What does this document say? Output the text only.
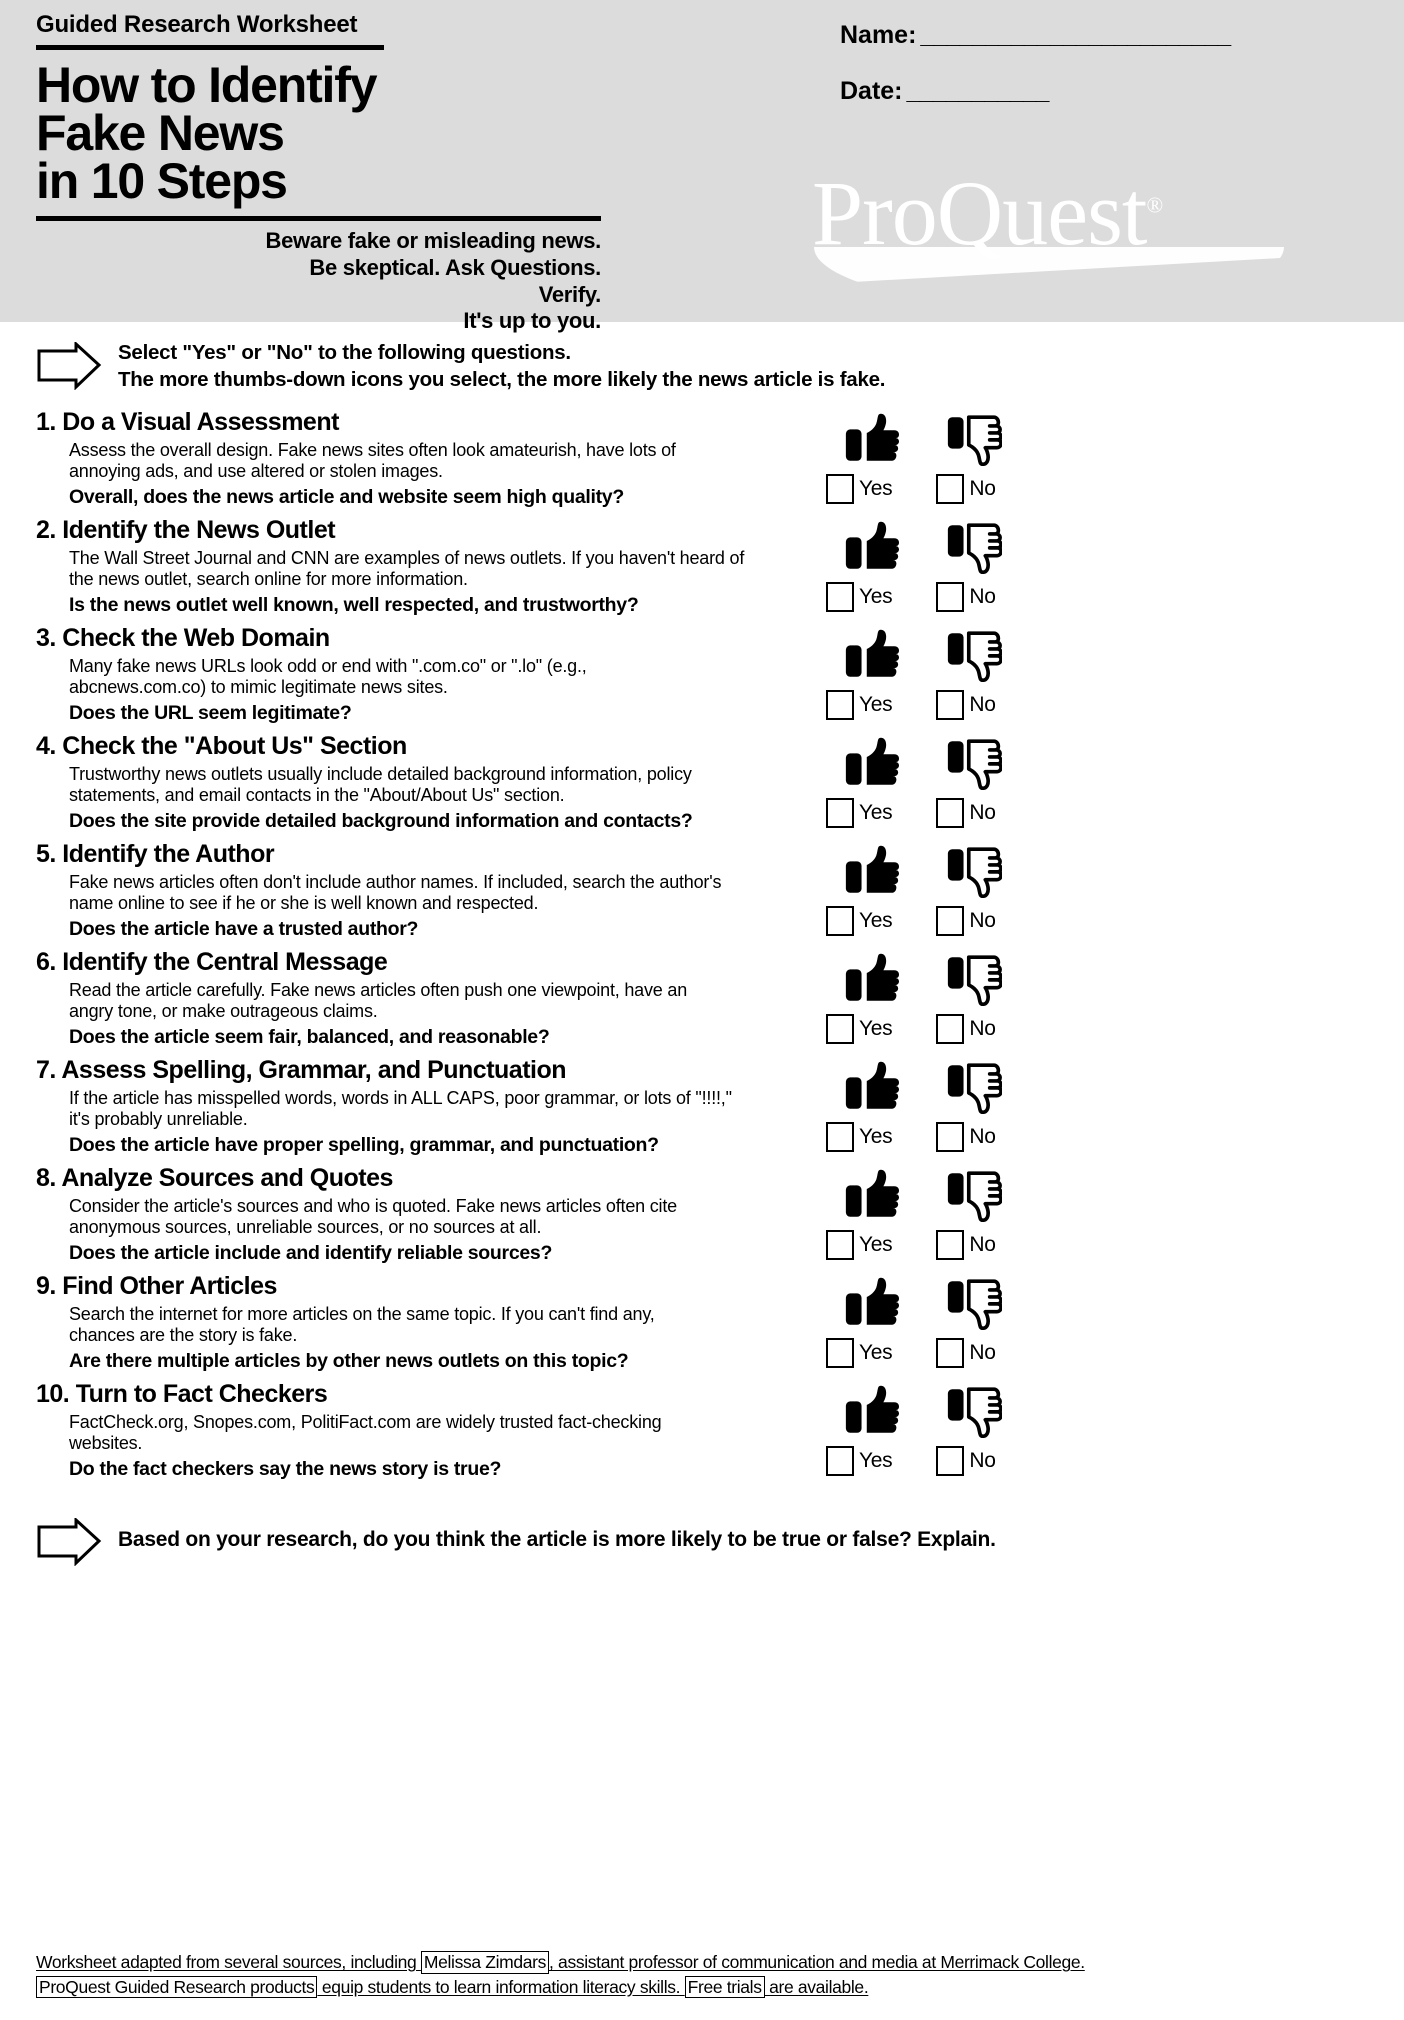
Guided Research Worksheet
How to Identify
Fake News
in 10 Steps
Beware fake or misleading news.
Be skeptical. Ask Questions.
Verify.
It's up to you.
Name: ________________________
Date: ___________
ProQuest®
Select "Yes" or "No" to the following questions.
The more thumbs-down icons you select, the more likely the news article is fake.
1. Do a Visual Assessment
Assess the overall design. Fake news sites often look amateurish, have lots of
annoying ads, and use altered or stolen images.
Overall, does the news article and website seem high quality?	Yes	No
2. Identify the News Outlet
The Wall Street Journal and CNN are examples of news outlets. If you haven't heard of
the news outlet, search online for more information.
Is the news outlet well known, well respected, and trustworthy?	Yes	No
3. Check the Web Domain
Many fake news URLs look odd or end with ".com.co" or ".lo" (e.g.,
abcnews.com.co) to mimic legitimate news sites.
Does the URL seem legitimate?	Yes	No
4. Check the "About Us" Section
Trustworthy news outlets usually include detailed background information, policy
statements, and email contacts in the "About/About Us" section.
Does the site provide detailed background information and contacts?	Yes	No
5. Identify the Author
Fake news articles often don't include author names. If included, search the author's
name online to see if he or she is well known and respected.
Does the article have a trusted author?	Yes	No
6. Identify the Central Message
Read the article carefully. Fake news articles often push one viewpoint, have an
angry tone, or make outrageous claims.
Does the article seem fair, balanced, and reasonable?	Yes	No
7. Assess Spelling, Grammar, and Punctuation
If the article has misspelled words, words in ALL CAPS, poor grammar, or lots of "!!!!,"
it's probably unreliable.
Does the article have proper spelling, grammar, and punctuation?	Yes	No
8. Analyze Sources and Quotes
Consider the article's sources and who is quoted. Fake news articles often cite
anonymous sources, unreliable sources, or no sources at all.
Does the article include and identify reliable sources?	Yes	No
9. Find Other Articles
Search the internet for more articles on the same topic. If you can't find any,
chances are the story is fake.
Are there multiple articles by other news outlets on this topic?	Yes	No
10. Turn to Fact Checkers
FactCheck.org, Snopes.com, PolitiFact.com are widely trusted fact-checking
websites.
Do the fact checkers say the news story is true?	Yes	No
Based on your research, do you think the article is more likely to be true or false? Explain.
Worksheet adapted from several sources, including Melissa Zimdars , assistant professor of communication and media at Merrimack College.
ProQuest Guided Research products equip students to learn information literacy skills. Free trials are available.
